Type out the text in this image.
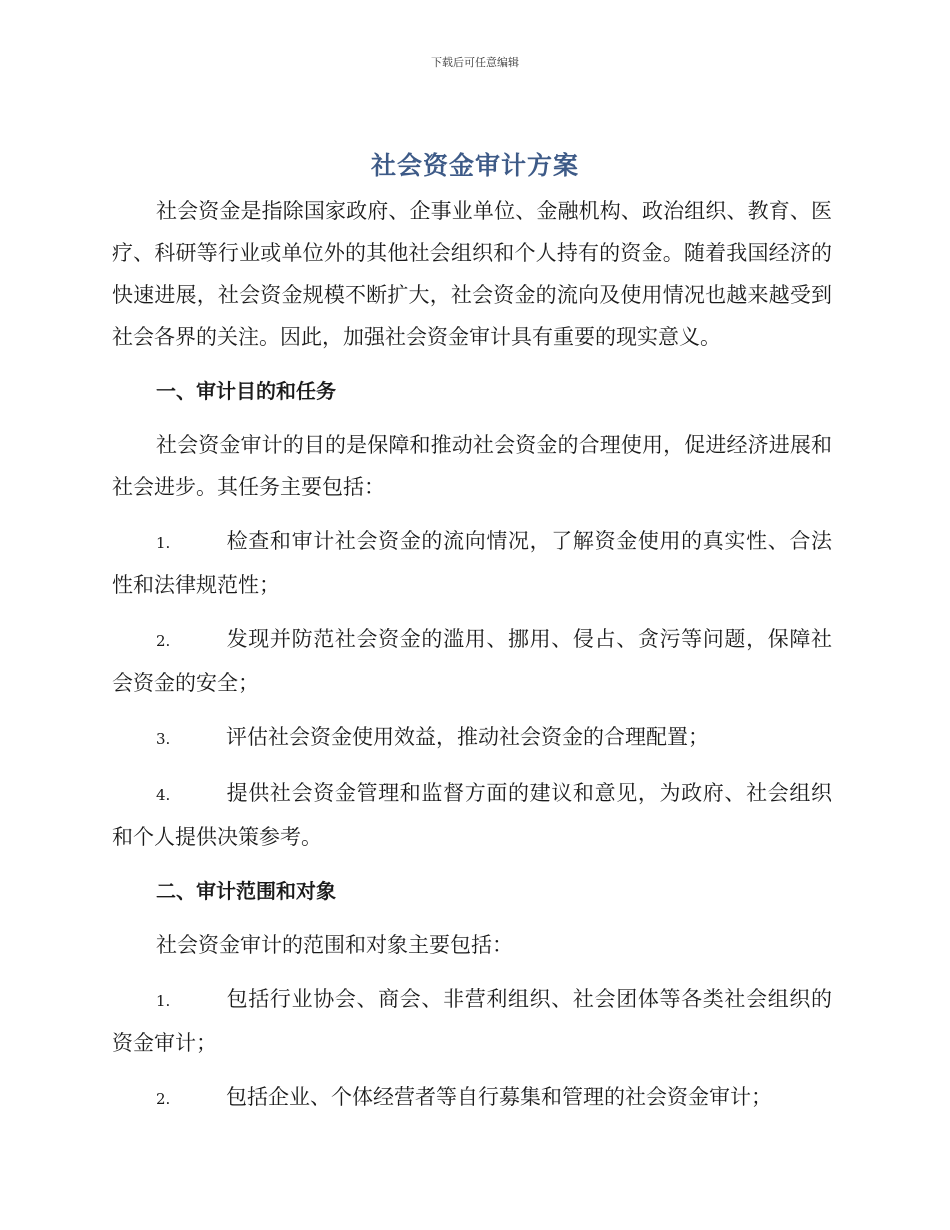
下载后可任意编辑
社会资金审计方案

社会资金是指除国家政府、企事业单位、金融机构、政治组织、教育、医疗、科研等行业或单位外的其他社会组织和个人持有的资金。随着我国经济的快速进展，社会资金规模不断扩大，社会资金的流向及使用情况也越来越受到社会各界的关注。因此，加强社会资金审计具有重要的现实意义。

一、审计目的和任务

社会资金审计的目的是保障和推动社会资金的合理使用，促进经济进展和社会进步。其任务主要包括：

1.	检查和审计社会资金的流向情况，了解资金使用的真实性、合法性和法律规范性；

2.	发现并防范社会资金的滥用、挪用、侵占、贪污等问题，保障社会资金的安全；

3.	评估社会资金使用效益，推动社会资金的合理配置；

4.	提供社会资金管理和监督方面的建议和意见，为政府、社会组织和个人提供决策参考。

二、审计范围和对象

社会资金审计的范围和对象主要包括：

1.	包括行业协会、商会、非营利组织、社会团体等各类社会组织的资金审计；

2.	包括企业、个体经营者等自行募集和管理的社会资金审计；
